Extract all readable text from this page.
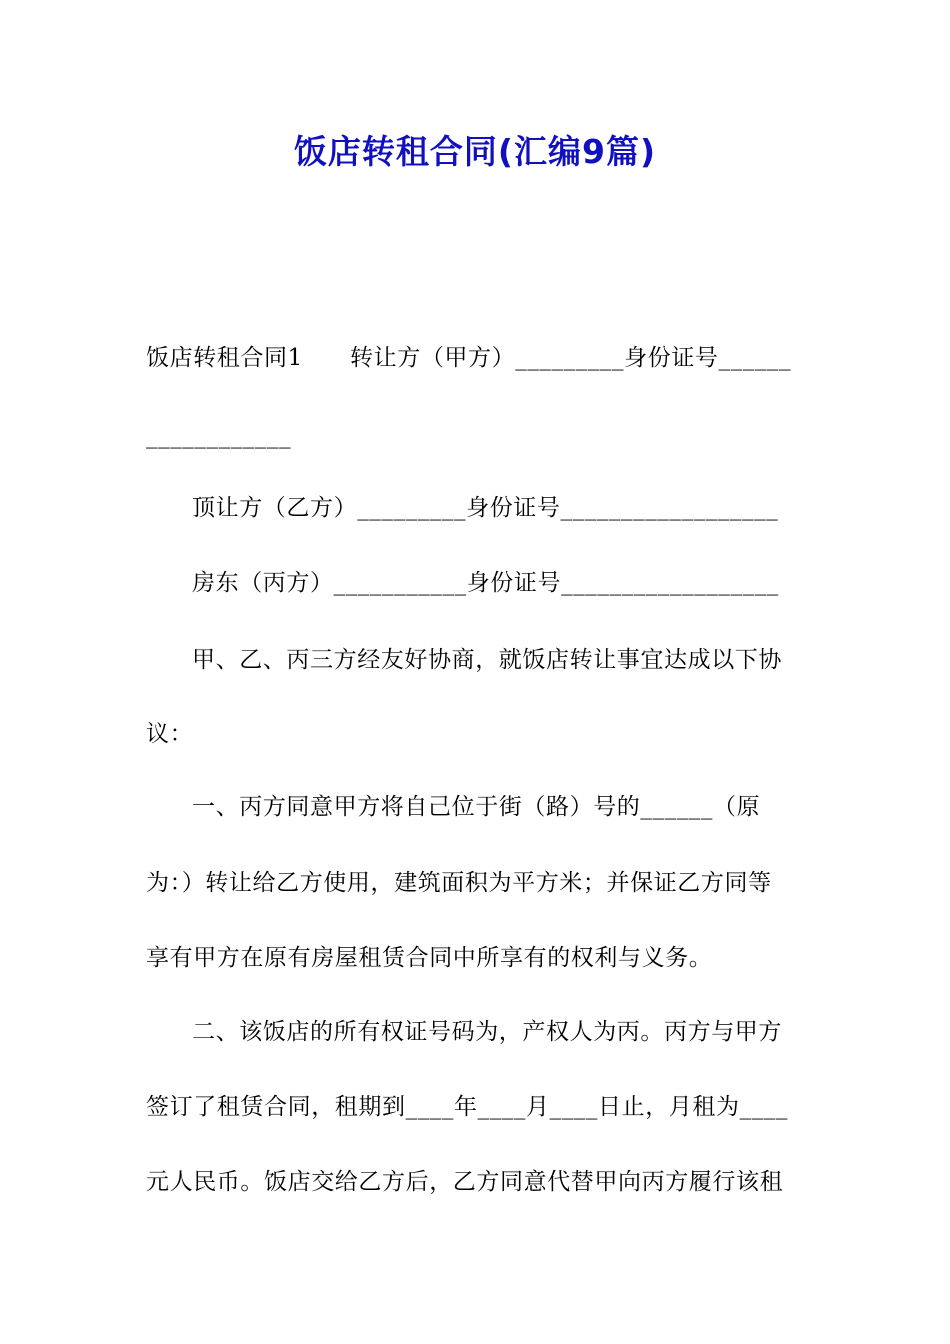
饭店转租合同(汇编9篇)
饭店转租合同1　　转让方（甲方）_________身份证号______
____________
顶让方（乙方）_________身份证号__________________
房东（丙方）___________身份证号__________________
甲、乙、丙三方经友好协商，就饭店转让事宜达成以下协
议：
一、丙方同意甲方将自己位于街（路）号的______（原
为：）转让给乙方使用，建筑面积为平方米；并保证乙方同等
享有甲方在原有房屋租赁合同中所享有的权利与义务。
二、该饭店的所有权证号码为，产权人为丙。丙方与甲方
签订了租赁合同，租期到____年____月____日止，月租为____
元人民币。饭店交给乙方后，乙方同意代替甲向丙方履行该租
